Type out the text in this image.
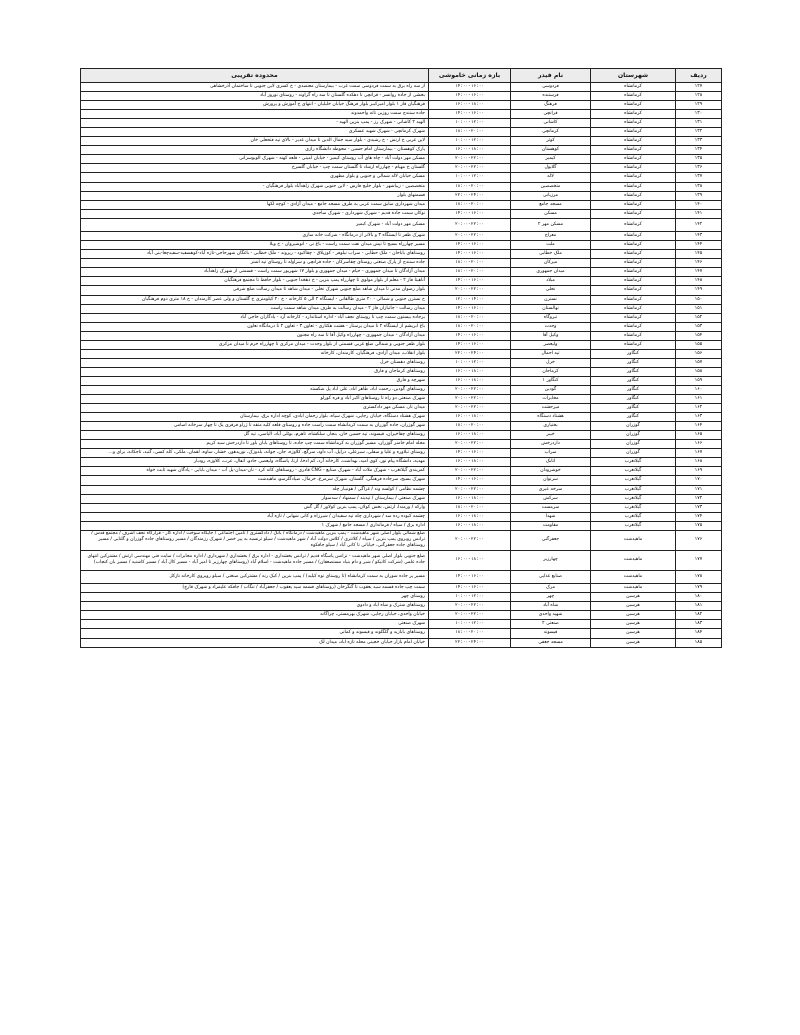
ردیف	شهرستان	نام فیدر	بازه زمانی خاموشی	محدوده تقریبی
۱۲۷	کرمانشاه	فردوسی	۱۴:۰۰-۱۶:۰۰	از سه راه برق به سمت فردوسی سمت غرب - بیمارستان معتضدی - خ کسری لاین جنوبی تا ساختمان آذرخشاهی
۱۲۸	کرمانشاه	فرستنده	۱۴:۰۰-۱۶:۰۰	بخشی از جاده روانسر - قرانچی تا دهکده گلستان تا سه راه گراوند - روستای نوروز آباد
۱۲۹	کرمانشاه	فرهنگ	۱۶:۰۰-۱۸:۰۰	فرهنگیان فاز ۱ بلوار امیرکبیر بلوار فرهنگ خیابان خلیلیان - انتهای خ آموزش و پرورش
۱۳۰	کرمانشاه	قرانچی	۱۴:۰۰-۱۶:۰۰	جاده سنندج سمت روزبن تاته واحمدوند
۱۳۱	کرمانشاه	کاشانی	۱۰:۰۰-۱۲:۰۰	الهیه ۲ کاشانی - شهرک رز - پمپ بنزین الهیه -
۱۳۲	کرمانشاه	کرمانچی	۱۸:۰۰-۲۰:۰۰	شهرک کرمانچی - شهرک شهید عسکری
۱۳۳	کرمانشاه	کوثر	۱۰:۰۰-۱۲:۰۰	لاین غربی خ ارتش - خ رشیدی - بلوار سید جمال الدین تا میدان غدیر - بالای تپه فتحعلی خان
۱۳۴	کرمانشاه	کوهستان	۱۶:۰۰-۱۸:۰۰	پارک کوهستان - بیمارستان امام حسین - محوطه دانشگاه رازی
۱۳۵	کرمانشاه	کیمیز	۲۰:۰۰-۲۲:۰۰	مسکن مهر دولت آباد - چاه های آب روستای کیمیز - خیابان امینی - قلعه کهنه - شهرک الوبوسرانی
۱۳۶	کرمانشاه	گلایول	۲۰:۰۰-۲۲:۰۰	گلستان خ مهیام - چهارراه ارشاد تا گلستان سمت چپ - خیابان گلسرخ
۱۳۷	کرمانشاه	لاله	۱۰:۰۰-۱۲:۰۰	مسکن خیابان لاله شمالی و جنوبی و بلوار مطهری
۱۳۸	کرمانشاه	متخصصین	۱۸:۰۰-۲۰:۰۰	متخصصین - زیباشهر - بلوار خلیج فارس - لاین جنوبی شهرک زاهدآباد بلوار فرهنگیان -
۱۳۹	کرمانشاه	مرزبانی	۲۲:۰۰-۲۴:۰۰	قسمتهای بلوار
۱۴۰	کرمانشاه	مسجد جامع	۱۸:۰۰-۲۰:۰۰	میدان شهرداری سابق سمت غربی به طرف مسجد جامع - میدان آزادی - کوچه لکها
۱۴۱	کرمانشاه	مسکن	۱۴:۰۰-۱۶:۰۰	نوکان سمت جاده قدیم - شهرک شهرداری - شهرک ساجدی
۱۴۲	کرمانشاه	مسکن مهر ۲	۲۰:۰۰-۲۲:۰۰	مسکن مهر دولت آباد - شهرک کیمیز
۱۴۳	کرمانشاه	معراج	۲۰:۰۰-۲۲:۰۰	شهرک ظفر تا ایستگاه ۳ و بالاتر از درمانگاه - شرکت خانه سازی
۱۴۴	کرمانشاه	ملت	۱۴:۰۰-۱۶:۰۰	مسیر چهارراه بسیج تا تپش میدان نفت سمت راست - باغ نی - انوشیروان - خ ویلا
۱۴۵	کرمانشاه	ملک خطابی	۱۴:۰۰-۱۶:۰۰	روستاهای باباحان - ملک خطابی - سراب نیلوفر - کوزیلاق - چقاکبود - ریزوند - ملک خطابی - باغگان شهرحاجی-تازه آباد-کوهسفید-سفیدچغا-بنی آباد
۱۴۶	کرمانشاه	میرکان	۱۸:۰۰-۲۰:۰۰	جاده سنندج از پارک صنعتی روستای چقاسرکان - جاده قرانچی و سراوله تا روستای تپه اشتر
۱۴۷	کرمانشاه	میدان جمهوری	۱۸:۰۰-۲۰:۰۰	میدان آزادگان تا میدان جمهوری - خیام - میدان جمهوری و بلوار ۱۷ شهریور سمت راست - قسمتی از شهرک زاهدآباد
۱۴۸	کرمانشاه	میلاد	۱۴:۰۰-۱۶:۰۰	آناهیتا فاز ۲ - معلم از بلوار مولوی تا چهارراه پمپ بنزین - خ دهخدا جنوبی - بلوار حافظ تا مجتمع فرهنگیان
۱۴۹	کرمانشاه	نخلی	۲۰:۰۰-۲۲:۰۰	بلوار رضوان مدنی تا میدان شاهد ضلع جنوبی شهرک نخلی - میدان شاهد تا میدان رسالت ضلع شرقی
۱۵۰	کرمانشاه	نسترن	۱۲:۰۰-۱۴:۰۰	خ نسترن جنوبی و شمالی - ۲۰ متری طالقانی - ایستگاه ۲ الی ۵ کارخانه - خ ۲۰ کیلومتری خ گلستان و ولی عصر کارمندان - خ ۱۸ متری دوم فرهنگیان
۱۵۱	کرمانشاه	نهالستان	۱۴:۰۰-۱۶:۰۰	میدان رسالت - جانبازان فاز ۲ - میدان رسالت به طرف میدان شاهد سمت راست
۱۵۲	کرمانشاه	نیروگاه	۱۸:۰۰-۲۰:۰۰	برجاده بیستون سمت چپ تا روستای نجف آباد - اداره استاندارد - کارخانه آرد - یادگاران حاجی آباد
۱۵۳	کرمانشاه	وحدت	۱۸:۰۰-۲۰:۰۰	باغ ابریشم از ایستگاه ۲ تا میدان پرستار - هشت هکتاری - تعاون ۳ - تعاون ۲ تا درمانگاه تعاون
۱۵۴	کرمانشاه	وکیل آقا	۱۴:۰۰-۱۶:۰۰	میدان آزادگان - میدان جمهوری - چهارراه وکیل آقا تا سه راه مجنون
۱۵۵	کرمانشاه	ولیعصر	۱۴:۰۰-۱۶:۰۰	بلوار ظفر جنوبی و شمالی ضلع غربی قسمتی از بلوار وحدت - میدان مرکزی تا چهارراه خرم تا میدان مرکزی
۱۵۶	کنگاور	تپه احمال	۲۲:۰۰-۲۴:۰۰	بلوار انقلاب، میدان آزادی، فرهنگیان، کارمندان، کارخانه
۱۵۷	کنگاور	خزل	۱۰:۰۰-۱۲:۰۰	روستاهای دهستان خزل
۱۵۸	کنگاور	کرماجان	۱۶:۰۰-۱۸:۰۰	روستاهای کرماجان و فارق
۱۵۹	کنگاور	کنگاور ۱	۱۶:۰۰-۱۸:۰۰	شهرچه و فارق
۱۶۰	کنگاور	گودین	۲۰:۰۰-۲۲:۰۰	روستاهای گودین، رحمت اباد، طاهر اباد، علی اباد پل شکسته
۱۶۱	کنگاور	مخابرات	۲۰:۰۰-۲۲:۰۰	شهرک صنعتی دو راه تا روستاهای اکبر اباد و فره کورلو
۱۶۲	کنگاور	میرحشت	۲۰:۰۰-۲۲:۰۰	میدان تار، مسکن مهر دادکستری
۱۶۳	کنگاور	هشتاد دستگاه	۱۶:۰۰-۱۸:۰۰	شهرک هشتاد دستگاه، خیابان رجایی، شهرک سپاه، بلوار رحمان ابادی، کوچه اداره برق، بیمارستان
۱۶۴	گوزران	بختیاری	۱۸:۰۰-۲۰:۰۰	شهر گوزران، جاده گوزران به سمت کرمانشاه سمت راست جاده و روستای قلعه کلیه متقه تا ژراو فرقری یک تا چهار سرخانه اسامی
۱۶۵	گوزران	خیبر	۱۶:۰۰-۱۸:۰۰	روستاهای چقاخیزان، قیسوند، تپه حسین خان، بنجار، سلکشاه، تاهرم، بوئلی آباد، الیاسی، تپه گل
۱۶۶	گوزران	داردرخش	۲۰:۰۰-۲۲:۰۰	محله امام خامنز گوزران، مسیر گوزران به کرمانشاه سمت چپ جاده، تا روستاهای بابان باور تا داردرخش سید کریم
۱۶۷	گوزران	سراب	۱۴:۰۰-۱۶:۰۰	روستای تبلاوره و علیا و سفلی، سبزعلی، دراپل، آب داود، سرگچ، کلاوزه، جان، جوانه، بلدوزک، نوریدهور، خشار، ساوه، لقمان، ملکی، کله کسی، گنبد، تاجکانه، برای و…
۱۶۸	گیلانغرب	اتابک	۱۶:۰۰-۱۸:۰۰	مهدیه، دانشگاه پیام نور، کوی امید، بهداشت، کارخانه آرد، کم ادخا، ارتا، پاسگاه، ولیعصر، جادو، انفال، عرب، کلاوزه، رودبار
۱۶۹	گیلانغرب	خوشرودان	۲۰:۰۰-۲۲:۰۰	کمربندی گیلانغرب - شهرک ملات آباد - شهرک صنایع - CNG قادری - روستاهای کانه کرد - نان-میدان-پل آب - میدان بابایی - پادگان شهید ثابت خواه
۱۷۰	گیلانغرب	سرتوان	۱۴:۰۰-۱۶:۰۰	شهرک بسیج، سرجاده فرهنگی، گلستان، شهرک سرمرغ، خرمال، صیادگلرسو، ماهیدشت
۱۷۱	گیلانغرب	سرخه عیزی	۲۰:۰۰-۲۲:۰۰	چشمه نظامی / کولسه وند / غراگی / هونیبار چله
۱۷۲	گیلانغرب	سرکش	۱۶:۰۰-۱۸:۰۰	شهرک صنعتی / بیمارستان / تپه‌بند / سمنهاد / سدسوار
۱۷۳	گیلانغرب	سرمست	۱۸:۰۰-۲۰:۰۰	وارکه / ورمندا، ارتش، نخش کولان، پمپ بنزین کولاور / گل گش
۱۷۴	گیلانغرب	شهدا	۱۶:۰۰-۱۸:۰۰	چشمه کبوده رده سد / شهرداری چله تپه سفیدان / شیرزاه و کانی شهابی / تازه آباد
۱۷۵	گیلانغرب	مقاومت	۱۶:۰۰-۱۸:۰۰	اداره برق / سپاه / فرمانداری / مسجد جامع / شهرک ۱
۱۷۶	ماهیدشت	جعفرگنی	۲۰:۰۰-۲۲:۰۰	ضلع شمالی بلوار اصلی شهر ماهیدشت - پمپ بنزین ماهیدشت / درمانگاه / بانک / دادگستری / تامین اجتماعی / جایگاه سوخت / اداره کار - قرارگاه نجف اشرف / مجتمع قدس / ترانس روبروی پمپ بنزین / سپاه / کلانتری / کلاس دولت آباد / شهر ماهیدشت / سیلو ترنسیه به پیر خضر / شهرک رزمندگان / مسیر روستاهای جاده گوزران و گلنایی / مسیر روستاهای جاده جعفرگنی، خیابانی تا کانی آباد / سیلو جافکوه
۱۷۷	ماهیدشت	چهارزبر	۱۶:۰۰-۱۸:۰۰	ضلع جنوبی بلوار اصلی شهر ماهیدشت - ترانس پاسگاه قدیم / ترانس بخشداری - اداره برق / بخشداری / شهرداری / اداره مخابرات / سایت فنی مهندسی ارتش / مشترکین انتهای جاده علمی (شرکت کانیکو / شیر و دام بنیاد مستضعفان) / مسیر جاده ماهیدشت - اسلام آباد (روستاهای چهارزبر تا امیر آباد - مسیر کال آباد / مسیر کاشنیه / مسیر بان کنجاب)
۱۷۸	ماهیدشت	صنایع غذایی	۱۴:۰۰-۱۶:۰۰	مسیر پر جاده شوران به سمت کرمانشاه (تا روستای نوه کیلید) / پمپ بنزین / کیک رنه / مشترکین صنعتی / سیلو روبروی کارخانه نازکل
۱۷۹	ماهیدشت	مرک	۱۴:۰۰-۱۶:۰۰	سمت چپ جاده قسمه سید یعقوب تا گنگرخان (روستاهای قسمه سید یعقوب / جعفرآباد / تنگاب / جافکه علیمراد و شهرک قارچ)
۱۸۰	هرسین	چهر	۱۰:۰۰-۱۲:۰۰	روستای چهر
۱۸۱	هرسین	شاه آباد	۲۰:۰۰-۲۲:۰۰	روستاهای شترک و شاه اباد و دادوی
۱۸۲	هرسین	شهید واحدی	۲۰:۰۰-۲۲:۰۰	خیابان واحدی، خیابان رجایی، شهرک بهرمستی، چراگانه
۱۸۳	هرسین	صنعتی ۲	۱۰:۰۰-۱۲:۰۰	شهرک صنعتی
۱۸۴	هرسین	قیسوند	۱۸:۰۰-۲۰:۰۰	روستاهای بابازید و گلگلوند و قیسوند و کمانی
۱۸۵	هرسین	مسجد جعفی	۲۲:۰۰-۲۴:۰۰	خیابان امام بازار خیابان خجینی محله تازه اباد، میدان لک
